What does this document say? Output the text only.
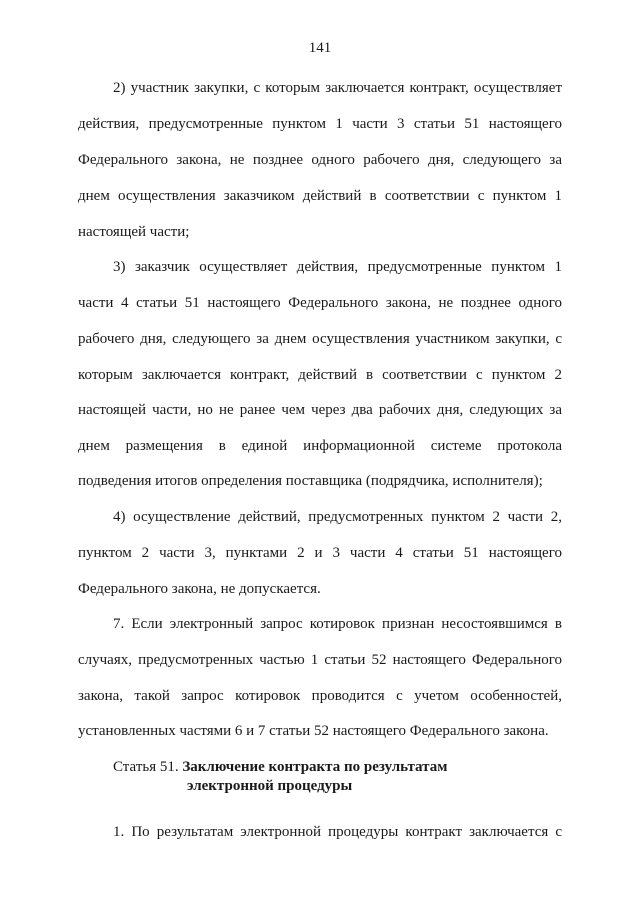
141
2) участник закупки, с которым заключается контракт, осуществляет
действия, предусмотренные пунктом 1 части 3 статьи 51 настоящего
Федерального закона, не позднее одного рабочего дня, следующего за
днем осуществления заказчиком действий в соответствии с пунктом 1
настоящей части;
3) заказчик осуществляет действия, предусмотренные пунктом 1
части 4 статьи 51 настоящего Федерального закона, не позднее одного
рабочего дня, следующего за днем осуществления участником закупки, с
которым заключается контракт, действий в соответствии с пунктом 2
настоящей части, но не ранее чем через два рабочих дня, следующих за
днем размещения в единой информационной системе протокола
подведения итогов определения поставщика (подрядчика, исполнителя);
4) осуществление действий, предусмотренных пунктом 2 части 2,
пунктом 2 части 3, пунктами 2 и 3 части 4 статьи 51 настоящего
Федерального закона, не допускается.
7. Если электронный запрос котировок признан несостоявшимся в
случаях, предусмотренных частью 1 статьи 52 настоящего Федерального
закона, такой запрос котировок проводится с учетом особенностей,
установленных частями 6 и 7 статьи 52 настоящего Федерального закона.
Статья 51. Заключение контракта по результатам
электронной процедуры
1. По результатам электронной процедуры контракт заключается с
